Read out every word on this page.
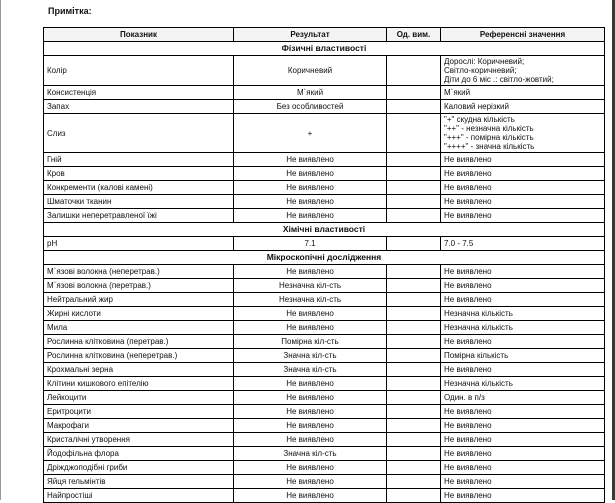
Примітка:
Показник	Результат	Од. вим.	Референсні значення
Фізичні властивості			
Колір	Коричневий		Дорослі: Коричневий;
Світло-коричневий;
Діти до 6 міс .: світло-жовтий;

Консистенція	М`який		М`який

Запах	Без особливостей		Каловий нерізкий

Слиз	+		"+" скудна кількість
"++" - незначна кількість
"+++" - помірна кількість
"++++" - значна кількість

Гній	Не виявлено		Не виявлено

Кров	Не виявлено		Не виявлено

Конкременти (калові камені)	Не виявлено		Не виявлено

Шматочки тканин	Не виявлено		Не виявлено

Залишки неперетравленої їжі	Не виявлено		Не виявлено

Хімічні властивості			
pH	7.1		7.0 - 7.5

Мікроскопічні дослідження			
М`язові волокна (неперетрав.)	Не виявлено		Не виявлено

М`язові волокна (перетрав.)	Незначна кіл-сть		Не виявлено

Нейтральний жир	Незначна кіл-сть		Не виявлено

Жирні кислоти	Не виявлено		Незначна кількість

Мила	Не виявлено		Незначна кількість

Рослинна клітковина (перетрав.)	Помірна кіл-сть		Не виявлено

Рослинна клітковина (неперетрав.)	Значна кіл-сть		Помірна кількість

Крохмальні зерна	Значна кіл-сть		Не виявлено

Клітини кишкового епітелію	Не виявлено		Незначна кількість

Лейкоцити	Не виявлено		Один. в п/з

Еритроцити	Не виявлено		Не виявлено

Макрофаги	Не виявлено		Не виявлено

Кристалічні утворення	Не виявлено		Не виявлено

Йодофільна флора	Значна кіл-сть		Не виявлено

Дріжджоподібні гриби	Не виявлено		Не виявлено

Яйця гельмінтів	Не виявлено		Не виявлено

Найпростіші	Не виявлено		Не виявлено
